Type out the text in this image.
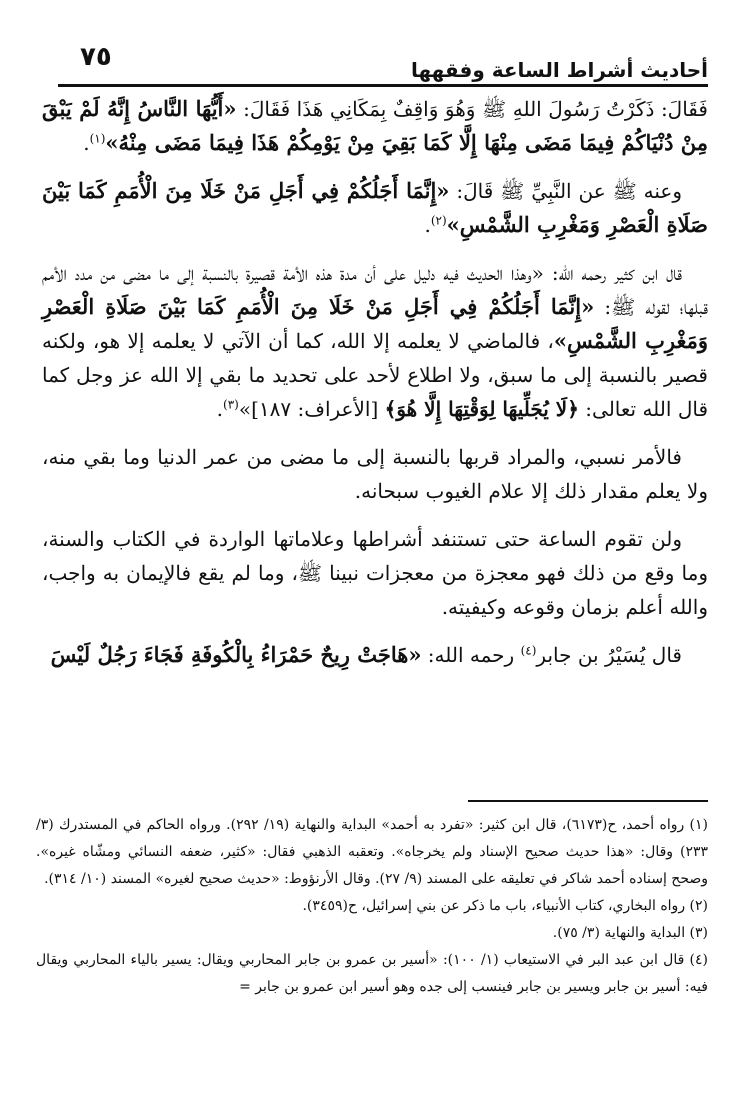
أحاديث أشراط الساعة وفقهها
٧٥

فَقَالَ: ذَكَرْتُ رَسُولَ اللهِ ﷺ وَهُوَ وَاقِفٌ بِمَكَانِي هَذَا فَقَالَ: «أَيُّهَا النَّاسُ إِنَّهُ لَمْ يَبْقَ مِنْ دُنْيَاكُمْ فِيمَا مَضَى مِنْهَا إِلَّا كَمَا بَقِيَ مِنْ يَوْمِكُمْ هَذَا فِيمَا مَضَى مِنْهُ»$^{(١)}$.

وعنه ﷺ عن النَّبِيِّ ﷺ قَالَ: «إِنَّمَا أَجَلُكُمْ فِي أَجَلِ مَنْ خَلَا مِنَ الْأُمَمِ كَمَا بَيْنَ صَلَاةِ الْعَصْرِ وَمَغْرِبِ الشَّمْسِ»$^{(٢)}$.

قال ابن كثير رحمه الله: «وهذا الحديث فيه دليل على أن مدة هذه الأمة قصيرة بالنسبة إلى ما مضى من مدد الأمم قبلها؛ لقوله ﷺ: «إِنَّمَا أَجَلُكُمْ فِي أَجَلِ مَنْ خَلَا مِنَ الْأُمَمِ كَمَا بَيْنَ صَلَاةِ الْعَصْرِ وَمَغْرِبِ الشَّمْسِ»، فالماضي لا يعلمه إلا الله، كما أن الآتي لا يعلمه إلا هو، ولكنه قصير بالنسبة إلى ما سبق، ولا اطلاع لأحد على تحديد ما بقي إلا الله عز وجل كما قال الله تعالى: ﴿لَا يُجَلِّيهَا لِوَقْتِهَا إِلَّا هُوَ﴾ [الأعراف: ١٨٧]»$^{(٣)}$.

فالأمر نسبي، والمراد قربها بالنسبة إلى ما مضى من عمر الدنيا وما بقي منه، ولا يعلم مقدار ذلك إلا علام الغيوب سبحانه.

ولن تقوم الساعة حتى تستنفد أشراطها وعلاماتها الواردة في الكتاب والسنة، وما وقع من ذلك فهو معجزة من معجزات نبينا ﷺ، وما لم يقع فالإيمان به واجب، والله أعلم بزمان وقوعه وكيفيته.

قال يُسَيْرُ بن جابر$^{(٤)}$ رحمه الله: «هَاجَتْ رِيحٌ حَمْرَاءُ بِالْكُوفَةِ فَجَاءَ رَجُلٌ لَيْسَ

(١) رواه أحمد، ح(٦١٧٣)، قال ابن كثير: «تفرد به أحمد» البداية والنهاية (١٩/ ٢٩٢). ورواه الحاكم في المستدرك (٣/ ٢٣٣) وقال: «هذا حديث صحيح الإسناد ولم يخرجاه». وتعقبه الذهبي فقال: «كثير، ضعفه النسائي ومشّاه غيره». وصحح إسناده أحمد شاكر في تعليقه على المسند (٩/ ٢٧). وقال الأرنؤوط: «حديث صحيح لغيره» المسند (١٠/ ٣١٤).

(٢) رواه البخاري، كتاب الأنبياء، باب ما ذكر عن بني إسرائيل، ح(٣٤٥٩).

(٣) البداية والنهاية (٣/ ٧٥).

(٤) قال ابن عبد البر في الاستيعاب (١/ ١٠٠): «أسير بن عمرو بن جابر المحاربي ويقال: يسير بالياء المحاربي ويقال فيه: أسير بن جابر ويسير بن جابر فينسب إلى جده وهو أسير ابن عمرو بن جابر =
